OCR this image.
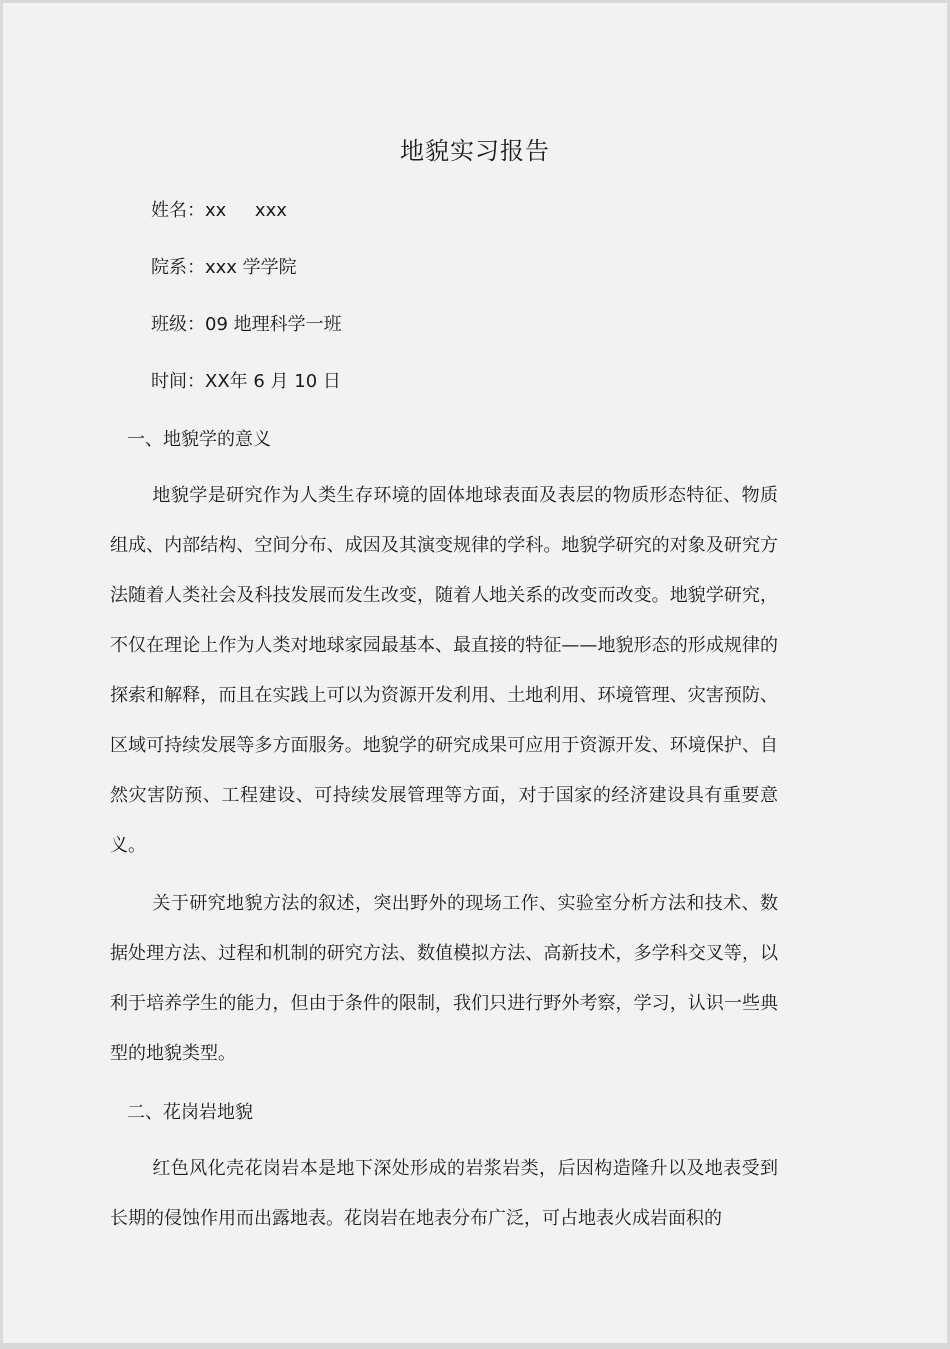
地貌实习报告
姓名：xx     xxx
院系：xxx 学学院
班级：09 地理科学一班
时间：XX年 6 月 10 日
一、地貌学的意义
地貌学是研究作为人类生存环境的固体地球表面及表层的物质形态特征、物质组成、内部结构、空间分布、成因及其演变规律的学科。地貌学研究的对象及研究方法随着人类社会及科技发展而发生改变，随着人地关系的改变而改变。地貌学研究，不仅在理论上作为人类对地球家园最基本、最直接的特征——地貌形态的形成规律的探索和解释，而且在实践上可以为资源开发利用、土地利用、环境管理、灾害预防、区域可持续发展等多方面服务。地貌学的研究成果可应用于资源开发、环境保护、自然灾害防预、工程建设、可持续发展管理等方面，对于国家的经济建设具有重要意义。
关于研究地貌方法的叙述，突出野外的现场工作、实验室分析方法和技术、数据处理方法、过程和机制的研究方法、数值模拟方法、高新技术，多学科交叉等，以利于培养学生的能力，但由于条件的限制，我们只进行野外考察，学习，认识一些典型的地貌类型。
二、花岗岩地貌
红色风化壳花岗岩本是地下深处形成的岩浆岩类，后因构造隆升以及地表受到长期的侵蚀作用而出露地表。花岗岩在地表分布广泛，可占地表火成岩面积的
